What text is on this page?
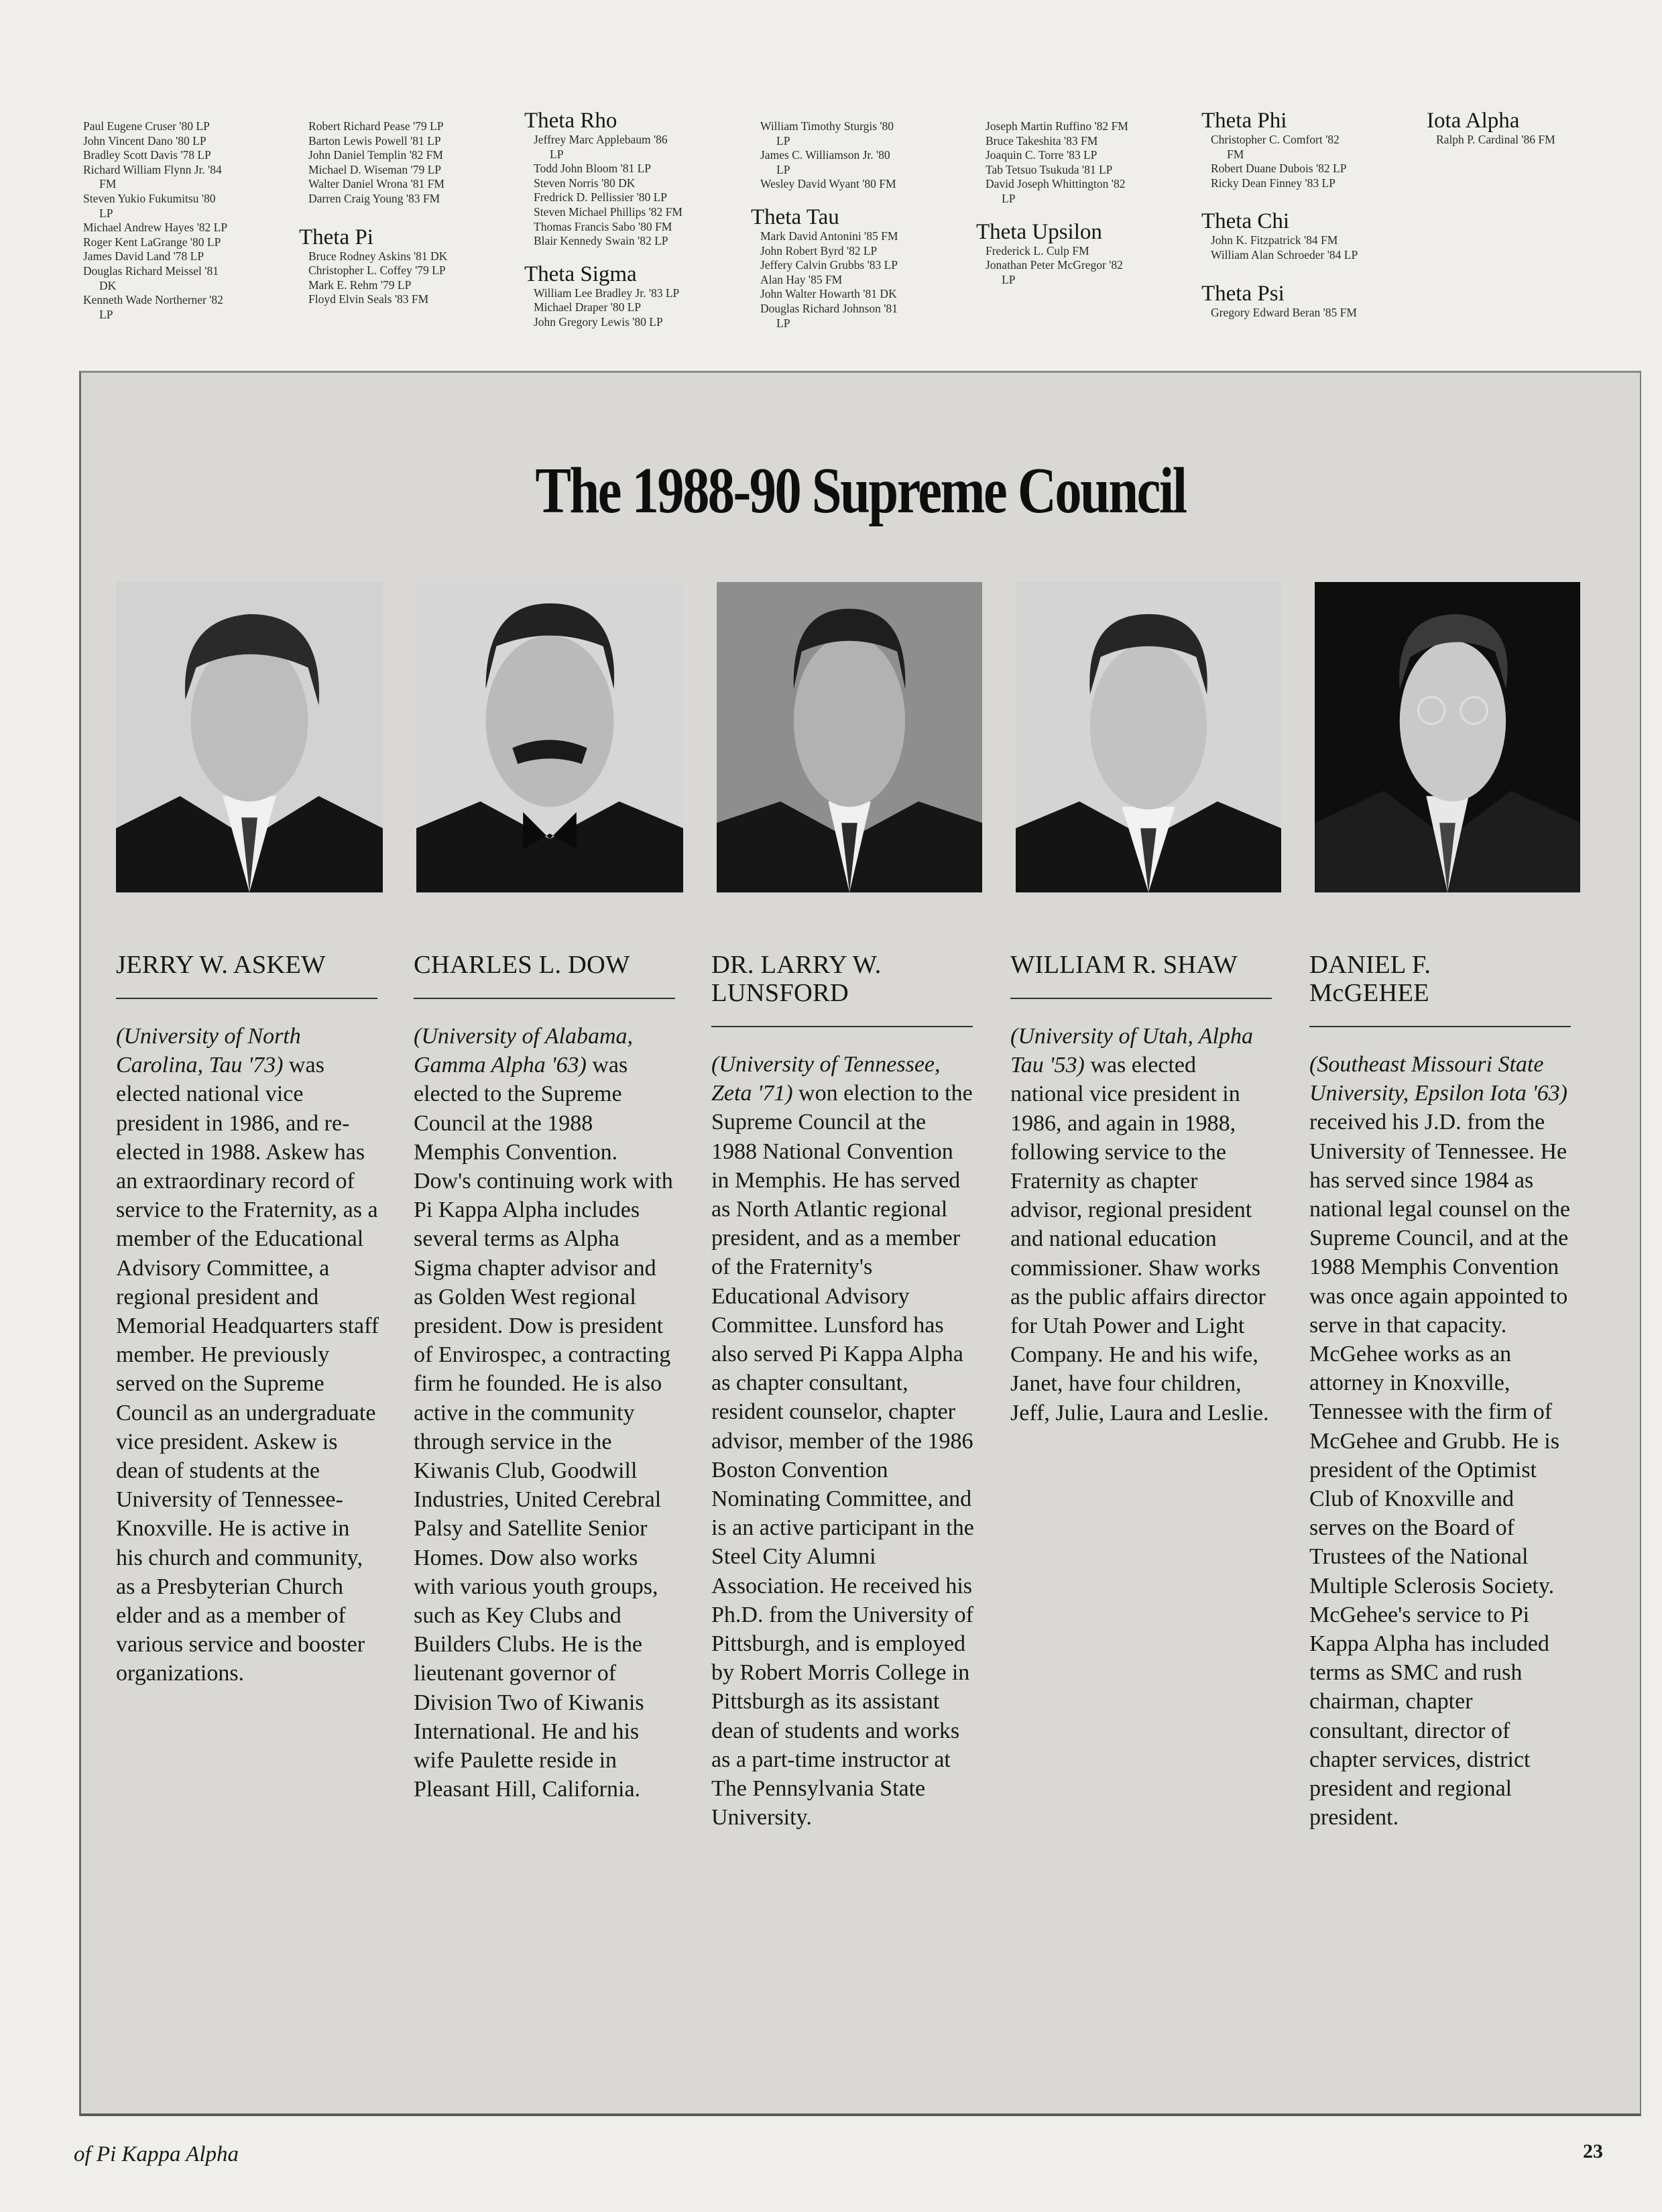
Paul Eugene Cruser '80 LP
John Vincent Dano '80 LP
Bradley Scott Davis '78 LP
Richard William Flynn Jr. '84
FM
Steven Yukio Fukumitsu '80
LP
Michael Andrew Hayes '82 LP
Roger Kent LaGrange '80 LP
James David Land '78 LP
Douglas Richard Meissel '81
DK
Kenneth Wade Northerner '82
LP
Robert Richard Pease '79 LP
Barton Lewis Powell '81 LP
John Daniel Templin '82 FM
Michael D. Wiseman '79 LP
Walter Daniel Wrona '81 FM
Darren Craig Young '83 FM
Theta Pi
Bruce Rodney Askins '81 DK
Christopher L. Coffey '79 LP
Mark E. Rehm '79 LP
Floyd Elvin Seals '83 FM
Theta Rho
Jeffrey Marc Applebaum '86
LP
Todd John Bloom '81 LP
Steven Norris '80 DK
Fredrick D. Pellissier '80 LP
Steven Michael Phillips '82 FM
Thomas Francis Sabo '80 FM
Blair Kennedy Swain '82 LP
Theta Sigma
William Lee Bradley Jr. '83 LP
Michael Draper '80 LP
John Gregory Lewis '80 LP
William Timothy Sturgis '80
LP
James C. Williamson Jr. '80
LP
Wesley David Wyant '80 FM
Theta Tau
Mark David Antonini '85 FM
John Robert Byrd '82 LP
Jeffery Calvin Grubbs '83 LP
Alan Hay '85 FM
John Walter Howarth '81 DK
Douglas Richard Johnson '81
LP
Joseph Martin Ruffino '82 FM
Bruce Takeshita '83 FM
Joaquin C. Torre '83 LP
Tab Tetsuo Tsukuda '81 LP
David Joseph Whittington '82
LP
Theta Upsilon
Frederick L. Culp FM
Jonathan Peter McGregor '82
LP
Theta Phi
Christopher C. Comfort '82
FM
Robert Duane Dubois '82 LP
Ricky Dean Finney '83 LP
Theta Chi
John K. Fitzpatrick '84 FM
William Alan Schroeder '84 LP
Theta Psi
Gregory Edward Beran '85 FM
Iota Alpha
Ralph P. Cardinal '86 FM
The 1988-90 Supreme Council
JERRY W. ASKEW
(University of North Carolina, Tau '73) was elected national vice president in 1986, and re-elected in 1988. Askew has an extraordinary record of service to the Fraternity, as a member of the Educational Advisory Committee, a regional president and Memorial Headquarters staff member. He previously served on the Supreme Council as an undergraduate vice president. Askew is dean of students at the University of Tennessee-Knoxville. He is active in his church and community, as a Presbyterian Church elder and as a member of various service and booster organizations.
CHARLES L. DOW
(University of Alabama, Gamma Alpha '63) was elected to the Supreme Council at the 1988 Memphis Convention. Dow's continuing work with Pi Kappa Alpha includes several terms as Alpha Sigma chapter advisor and as Golden West regional president. Dow is president of Envirospec, a contracting firm he founded. He is also active in the community through service in the Kiwanis Club, Goodwill Industries, United Cerebral Palsy and Satellite Senior Homes. Dow also works with various youth groups, such as Key Clubs and Builders Clubs. He is the lieutenant governor of Division Two of Kiwanis International. He and his wife Paulette reside in Pleasant Hill, California.
DR. LARRY W. LUNSFORD
(University of Tennessee, Zeta '71) won election to the Supreme Council at the 1988 National Convention in Memphis. He has served as North Atlantic regional president, and as a member of the Fraternity's Educational Advisory Committee. Lunsford has also served Pi Kappa Alpha as chapter consultant, resident counselor, chapter advisor, member of the 1986 Boston Convention Nominating Committee, and is an active participant in the Steel City Alumni Association. He received his Ph.D. from the University of Pittsburgh, and is employed by Robert Morris College in Pittsburgh as its assistant dean of students and works as a part-time instructor at The Pennsylvania State University.
WILLIAM R. SHAW
(University of Utah, Alpha Tau '53) was elected national vice president in 1986, and again in 1988, following service to the Fraternity as chapter advisor, regional president and national education commissioner. Shaw works as the public affairs director for Utah Power and Light Company. He and his wife, Janet, have four children, Jeff, Julie, Laura and Leslie.
DANIEL F. McGEHEE
(Southeast Missouri State University, Epsilon Iota '63) received his J.D. from the University of Tennessee. He has served since 1984 as national legal counsel on the Supreme Council, and at the 1988 Memphis Convention was once again appointed to serve in that capacity. McGehee works as an attorney in Knoxville, Tennessee with the firm of McGehee and Grubb. He is president of the Optimist Club of Knoxville and serves on the Board of Trustees of the National Multiple Sclerosis Society. McGehee's service to Pi Kappa Alpha has included terms as SMC and rush chairman, chapter consultant, director of chapter services, district president and regional president.
of Pi Kappa Alpha	23
